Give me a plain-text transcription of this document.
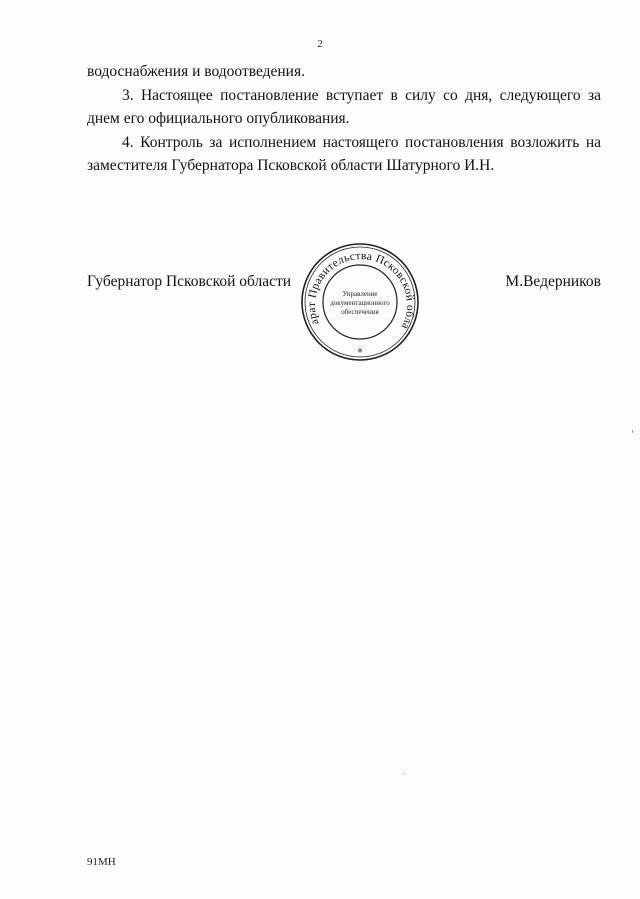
2

водоснабжения и водоотведения.

3. Настоящее постановление вступает в силу со дня, следующего за днем его официального опубликования.

4. Контроль за исполнением настоящего постановления возложить на заместителя Губернатора Псковской области Шатурного И.Н.

Губернатор Псковской области	М.Ведерников
арат Правительства Псковской обла
Управление
документационного
обеспечения
*
91МН
